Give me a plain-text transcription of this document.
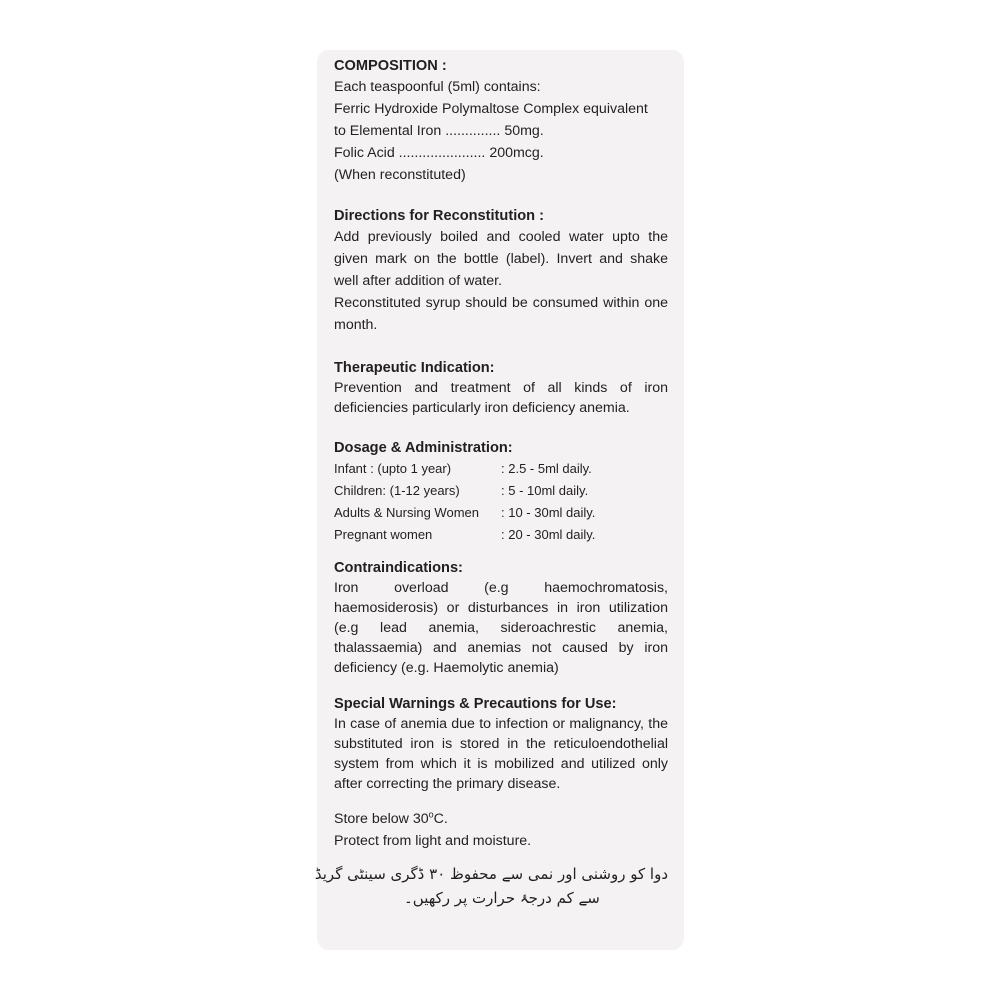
COMPOSITION :

Each teaspoonful (5ml) contains:

Ferric Hydroxide Polymaltose Complex equivalent

to Elemental Iron .............. 50mg.

Folic Acid ...................... 200mcg.

(When reconstituted)

Directions for Reconstitution :

Add previously boiled and cooled water upto the given mark on the bottle (label). Invert and shake well after addition of water.

Reconstituted syrup should be consumed within one month.

Therapeutic Indication:

Prevention and treatment of all kinds of iron deficiencies particularly iron deficiency anemia.

Dosage & Administration:

Infant : (upto 1 year)	: 2.5 - 5ml daily.
Children: (1-12 years)	: 5 - 10ml daily.
Adults & Nursing Women	: 10 - 30ml daily.
Pregnant women	: 20 - 30ml daily.

Contraindications:

Iron overload (e.g haemochromatosis, haemosiderosis) or disturbances in iron utilization (e.g lead anemia, sideroachrestic anemia, thalassaemia) and anemias not caused by iron deficiency (e.g. Haemolytic anemia)

Special Warnings & Precautions for Use:

In case of anemia due to infection or malignancy, the substituted iron is stored in the reticuloendothelial system from which it is mobilized and utilized only after correcting the primary disease.

Store below 30$^o$C.

Protect from light and moisture.

دوا کو روشنی اور نمی سے محفوظ ۳۰ ڈگری سینٹی گریڈ
سے کم درجۂ حرارت پر رکھیں۔
